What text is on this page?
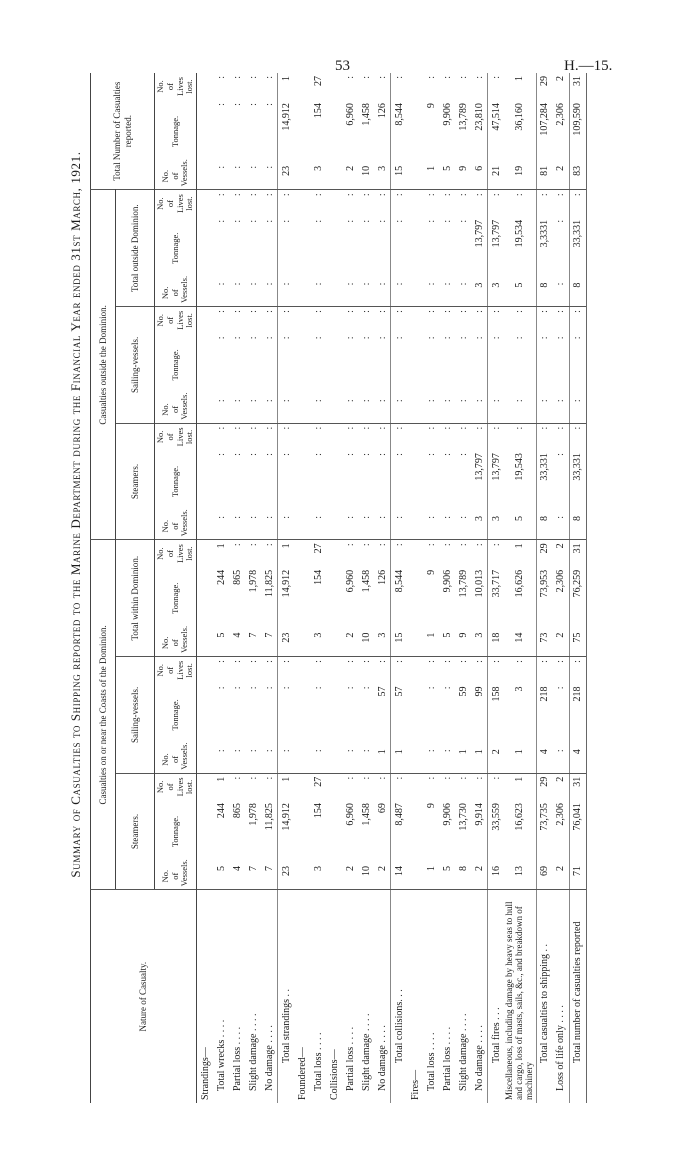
53	H.—15.
Summary of Casualties to Shipping reported to the Marine Department during the Financial Year ended 31st March, 1921.
Nature of Casualty.	Casualties on or near the Coasts of the Dominion.									Casualties outside the Dominion.									Total Number of Casualties reported.		
	Steamers.			Sailing-vessels.			Total within Dominion.			Steamers.			Sailing-vessels.			Total outside Dominion.					
	No. of Vessels.	Tonnage.	No. of Lives lost.	No. of Vessels.	Tonnage.	No. of Lives lost.	No. of Vessels.	Tonnage.	No. of Lives lost.	No. of Vessels.	Tonnage.	No. of Lives lost.	No. of Vessels.	Tonnage.	No. of Lives lost.	No. of Vessels.	Tonnage.	No. of Lives lost.	No. of Vessels.	Tonnage.	No. of Lives lost.
Strandings—																					
Total wrecks . . . .	5	244	1	:	:	:	5	244	1	:	:	:	:	:	:	:	:	:	:	:	:
Partial loss . . . .	4	865	:	:	:	:	4	865	:	:	:	:	:	:	:	:	:	:	:	:	:
Slight damage . . . .	7	1,978	:	:	:	:	7	1,978	:	:	:	:	:	:	:	:	:	:	:	:	:
No damage . . . .	7	11,825	:	:	:	:	7	11,825	:	:	:	:	:	:	:	:	:	:	:	:	:
Total strandings . .	23	14,912	1	:	:	:	23	14,912	1	:	:	:	:	:	:	:	:	:	23	14,912	1
Foundered—																					
Total loss . . . .	3	154	27	:	:	:	3	154	27	:	:	:	:	:	:	:	:	:	3	154	27
Collisions—																					
Partial loss . . . .	2	6,960	:	:	:	:	2	6,960	:	:	:	:	:	:	:	:	:	:	2	6,960	:
Slight damage . . . .	10	1,458	:	:	:	:	10	1,458	:	:	:	:	:	:	:	:	:	:	10	1,458	:
No damage . . . .	2	69	:	1	57	:	3	126	:	:	:	:	:	:	:	:	:	:	3	126	:
Total collisions. . .	14	8,487	:	1	57	:	15	8,544	:	:	:	:	:	:	:	:	:	:	15	8,544	:
Fires—																					
Total loss . . . .	1	9	:	:	:	:	1	9	:	:	:	:	:	:	:	:	:	:	1	9	:
Partial loss . . . .	5	9,906	:	:	:	:	5	9,906	:	:	:	:	:	:	:	:	:	:	5	9,906	:
Slight damage . . . .	8	13,730	:	1	59	:	9	13,789	:	:	:	:	:	:	:	:	:	:	9	13,789	:
No damage . . . .	2	9,914	:	1	99	:	3	10,013	:	3	13,797	:	:	:	:	3	13,797	:	6	23,810	:
Total fires . . .	16	33,559	:	2	158	:	18	33,717	:	3	13,797	:	:	:	:	3	13,797	:	21	47,514	:
Miscellaneous, including damage by heavy seas to hull and cargo, loss of masts, sails, &c., and breakdown of machinery	13	16,623	1	1	3	:	14	16,626	1	5	19,543	:	:	:	:	5	19,534	:	19	36,160	1
Total casualties to shipping . .	69	73,735	29	4	218	:	73	73,953	29	8	33,331	:	:	:	:	8	3,3331	:	81	107,284	29
Loss of life only . . . .	2	2,306	2	:	:	:	2	2,306	2	:	:	:	:	:	:	:	:	:	2	2,306	2
Total number of casualties reported	71	76,041	31	4	218	:	75	76,259	31	8	33,331	:	:	:	:	8	33,331	:	83	109,590	31
